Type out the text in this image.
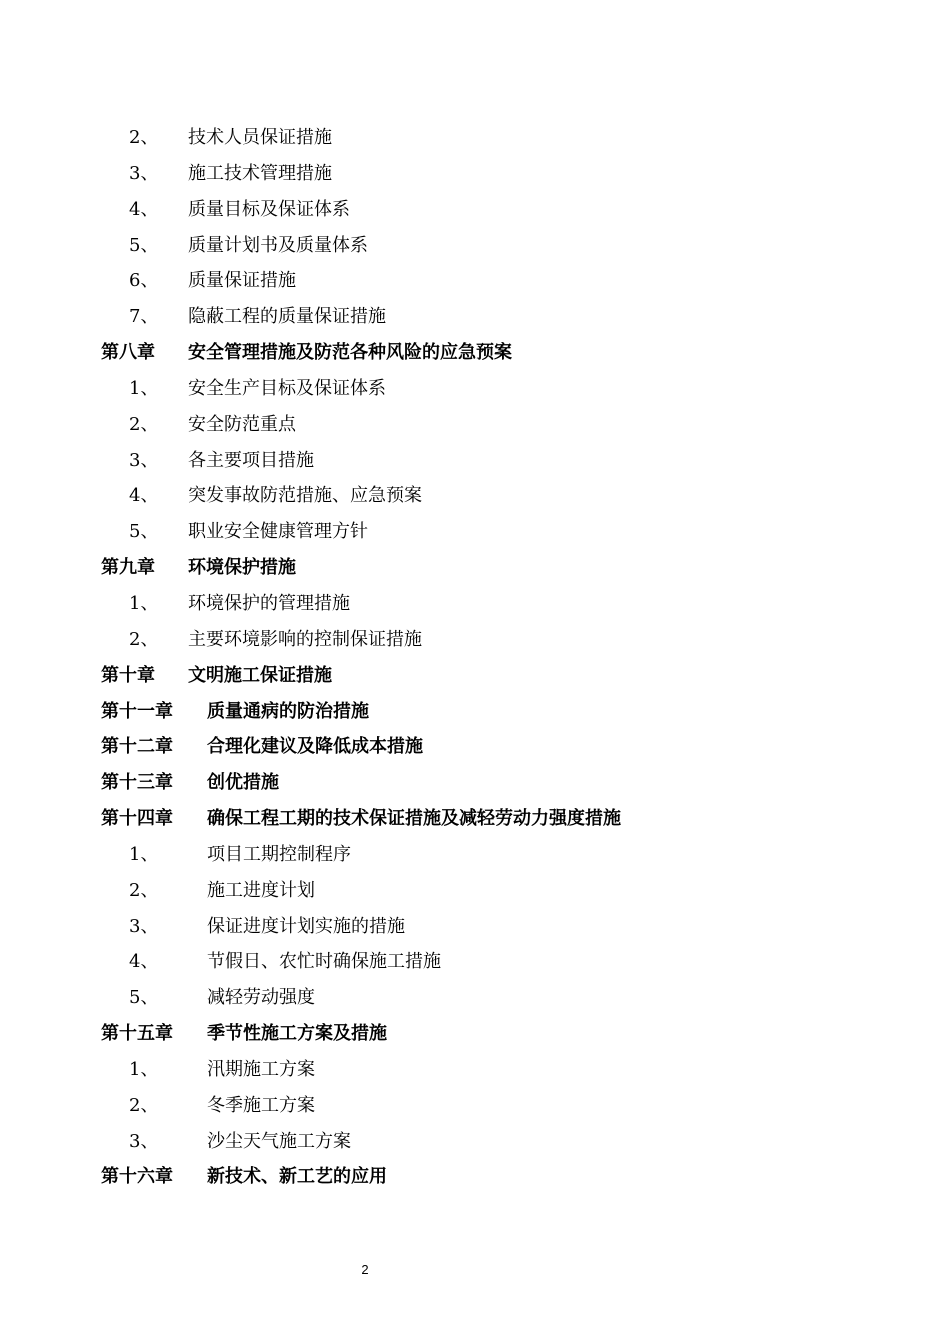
2、 技术人员保证措施
3、 施工技术管理措施
4、 质量目标及保证体系
5、 质量计划书及质量体系
6、 质量保证措施
7、 隐蔽工程的质量保证措施
第八章 安全管理措施及防范各种风险的应急预案
1、 安全生产目标及保证体系
2、 安全防范重点
3、 各主要项目措施
4、 突发事故防范措施、应急预案
5、 职业安全健康管理方针
第九章 环境保护措施
1、 环境保护的管理措施
2、 主要环境影响的控制保证措施
第十章 文明施工保证措施
第十一章 质量通病的防治措施
第十二章 合理化建议及降低成本措施
第十三章 创优措施
第十四章 确保工程工期的技术保证措施及减轻劳动力强度措施
1、	项目工期控制程序
2、	施工进度计划
3、	保证进度计划实施的措施
4、	节假日、农忙时确保施工措施
5、	减轻劳动强度
第十五章 季节性施工方案及措施
1、	汛期施工方案
2、	冬季施工方案
3、	沙尘天气施工方案
第十六章 新技术、新工艺的应用
2
